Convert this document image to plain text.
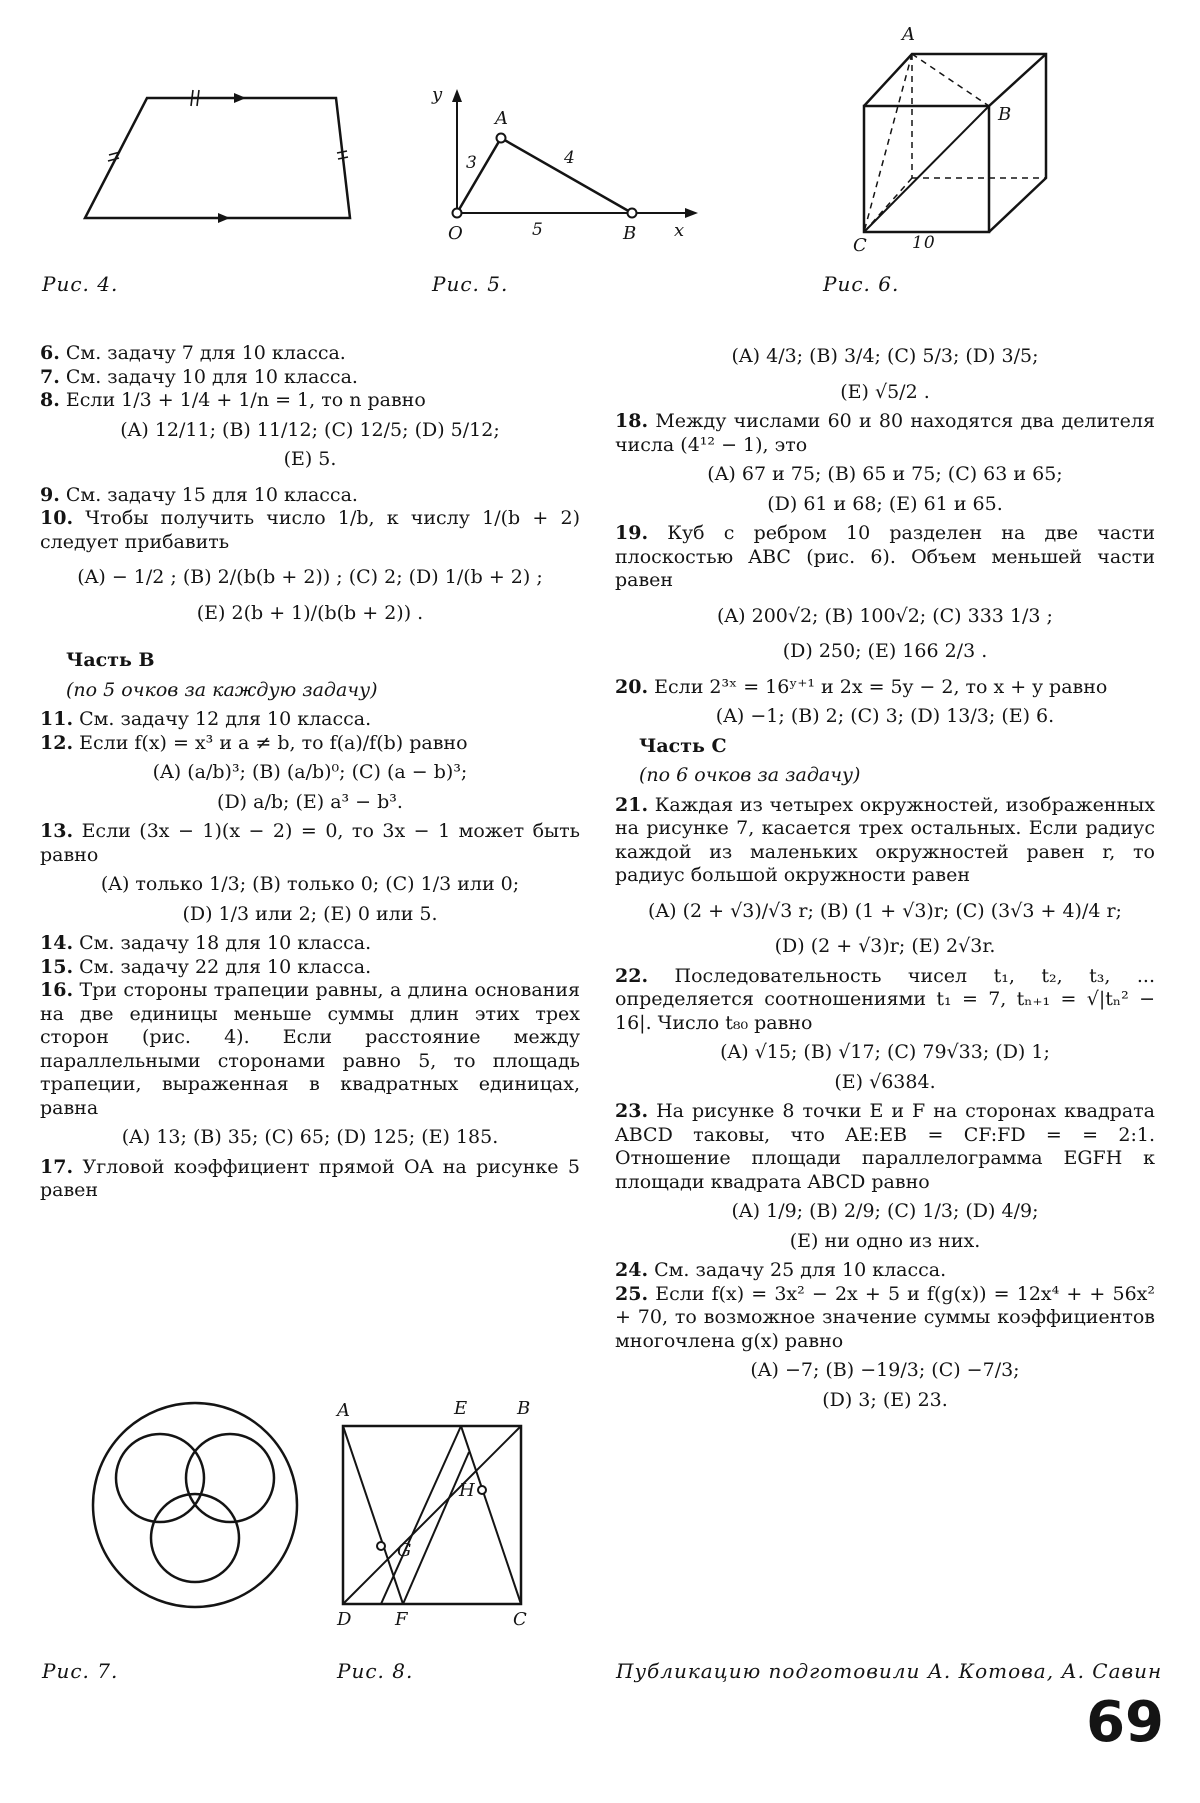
Рис. 4.
y
x
O
A
B
3	4
5
Рис. 5.
A
B
C	10
Рис. 6.

6. См. задачу 7 для 10 класса.

7. См. задачу 10 для 10 класса.

8. Если 1/3 + 1/4 + 1/n = 1, то n равно

(A) 12/11; (B) 11/12; (C) 12/5; (D) 5/12;

(E) 5.

9. См. задачу 15 для 10 класса.

10. Чтобы получить число 1/b, к числу 1/(b + 2) следует прибавить

(A) − 1/2 ; (B) 2/(b(b + 2)) ; (C) 2; (D) 1/(b + 2) ;

(E) 2(b + 1)/(b(b + 2)) .

Часть B

(по 5 очков за каждую задачу)

11. См. задачу 12 для 10 класса.

12. Если f(x) = x³ и a ≠ b, то f(a)/f(b) равно

(A) (a/b)³; (B) (a/b)⁰; (C) (a − b)³;

(D) a/b; (E) a³ − b³.

13. Если (3x − 1)(x − 2) = 0, то 3x − 1 может быть равно

(A) только 1/3; (B) только 0; (C) 1/3 или 0;

(D) 1/3 или 2; (E) 0 или 5.

14. См. задачу 18 для 10 класса.

15. См. задачу 22 для 10 класса.

16. Три стороны трапеции равны, а длина основания на две единицы меньше суммы длин этих трех сторон (рис. 4). Если расстояние между параллельными сторонами равно 5, то площадь трапеции, выраженная в квадратных единицах, равна

(A) 13; (B) 35; (C) 65; (D) 125; (E) 185.

17. Угловой коэффициент прямой OA на рисунке 5 равен

(A) 4/3; (B) 3/4; (C) 5/3; (D) 3/5;

(E) √5/2 .

18. Между числами 60 и 80 находятся два делителя числа (4¹² − 1), это

(A) 67 и 75; (B) 65 и 75; (C) 63 и 65;

(D) 61 и 68; (E) 61 и 65.

19. Куб с ребром 10 разделен на две части плоскостью ABC (рис. 6). Объем меньшей части равен

(A) 200√2; (B) 100√2; (C) 333 1/3 ;

(D) 250; (E) 166 2/3 .

20. Если 2³ˣ = 16ʸ⁺¹ и 2x = 5y − 2, то x + y равно

(A) −1; (B) 2; (C) 3; (D) 13/3; (E) 6.

Часть C

(по 6 очков за задачу)

21. Каждая из четырех окружностей, изображенных на рисунке 7, касается трех остальных. Если радиус каждой из маленьких окружностей равен r, то радиус большой окружности равен

(A) (2 + √3)/√3 r; (B) (1 + √3)r; (C) (3√3 + 4)/4 r;

(D) (2 + √3)r; (E) 2√3r.

22. Последовательность чисел t₁, t₂, t₃, ... определяется соотношениями t₁ = 7, tₙ₊₁ = √|tₙ² − 16|. Число t₈₀ равно

(A) √15; (B) √17; (C) 79√33; (D) 1;

(E) √6384.

23. На рисунке 8 точки E и F на сторонах квадрата ABCD таковы, что AE:EB = CF:FD = = 2:1. Отношение площади параллелограмма EGFH к площади квадрата ABCD равно

(A) 1/9; (B) 2/9; (C) 1/3; (D) 4/9;

(E) ни одно из них.

24. См. задачу 25 для 10 класса.

25. Если f(x) = 3x² − 2x + 5 и f(g(x)) = 12x⁴ + + 56x² + 70, то возможное значение суммы коэффициентов многочлена g(x) равно

(A) −7; (B) −19/3; (C) −7/3;

(D) 3; (E) 23.

Рис. 7.
A	E	B
H
G
D F	C
Рис. 8.	Публикацию подготовили А. Котова, А. Савин
69
